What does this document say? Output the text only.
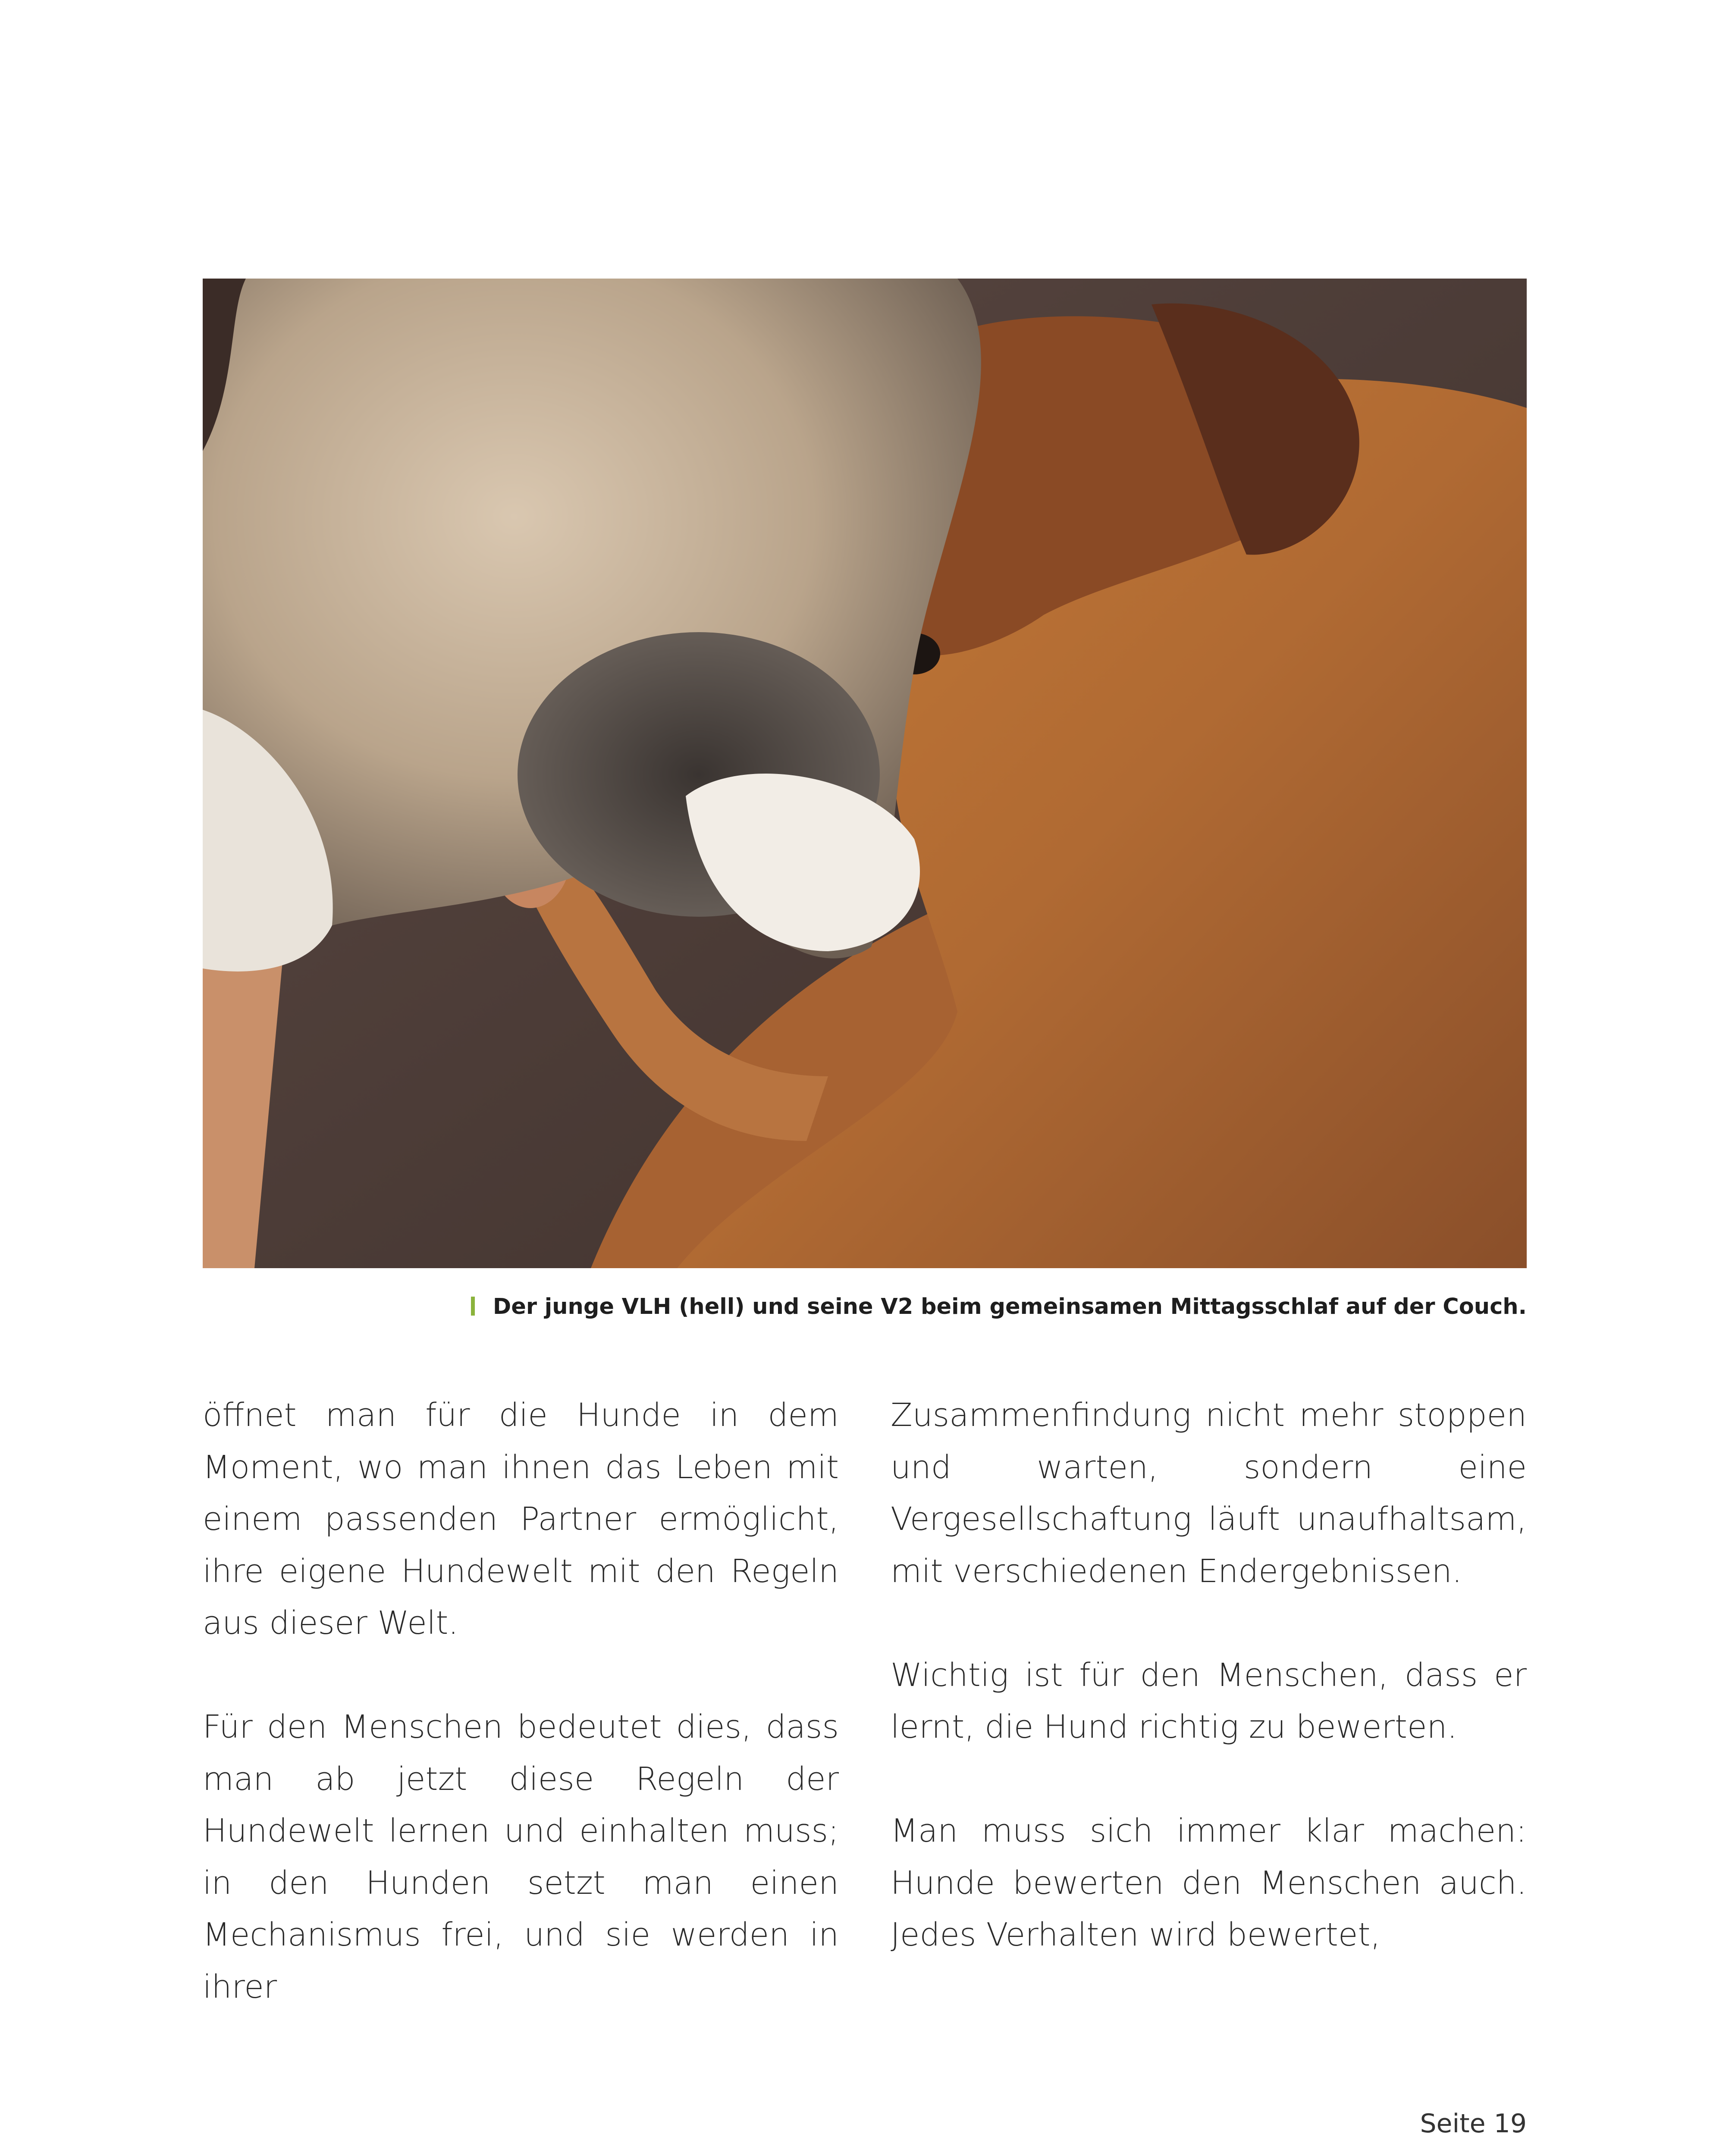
Der junge VLH (hell) und seine V2 beim gemeinsamen Mittagsschlaf auf der Couch.

öffnet man für die Hunde in dem Moment, wo man ihnen das Leben mit einem passenden Partner ermöglicht, ihre eigene Hundewelt mit den Regeln aus dieser Welt.

Für den Menschen bedeutet dies, dass man ab jetzt diese Regeln der Hundewelt lernen und einhalten muss; in den Hunden setzt man einen Mechanismus frei, und sie werden in ihrer

Zusammenfindung nicht mehr stoppen und warten, sondern eine Vergesellschaftung läuft unaufhaltsam, mit verschiedenen Endergebnissen.

Wichtig ist für den Menschen, dass er lernt, die Hund richtig zu bewerten.

Man muss sich immer klar machen: Hunde bewerten den Menschen auch. Jedes Verhalten wird bewertet,

Seite 19
